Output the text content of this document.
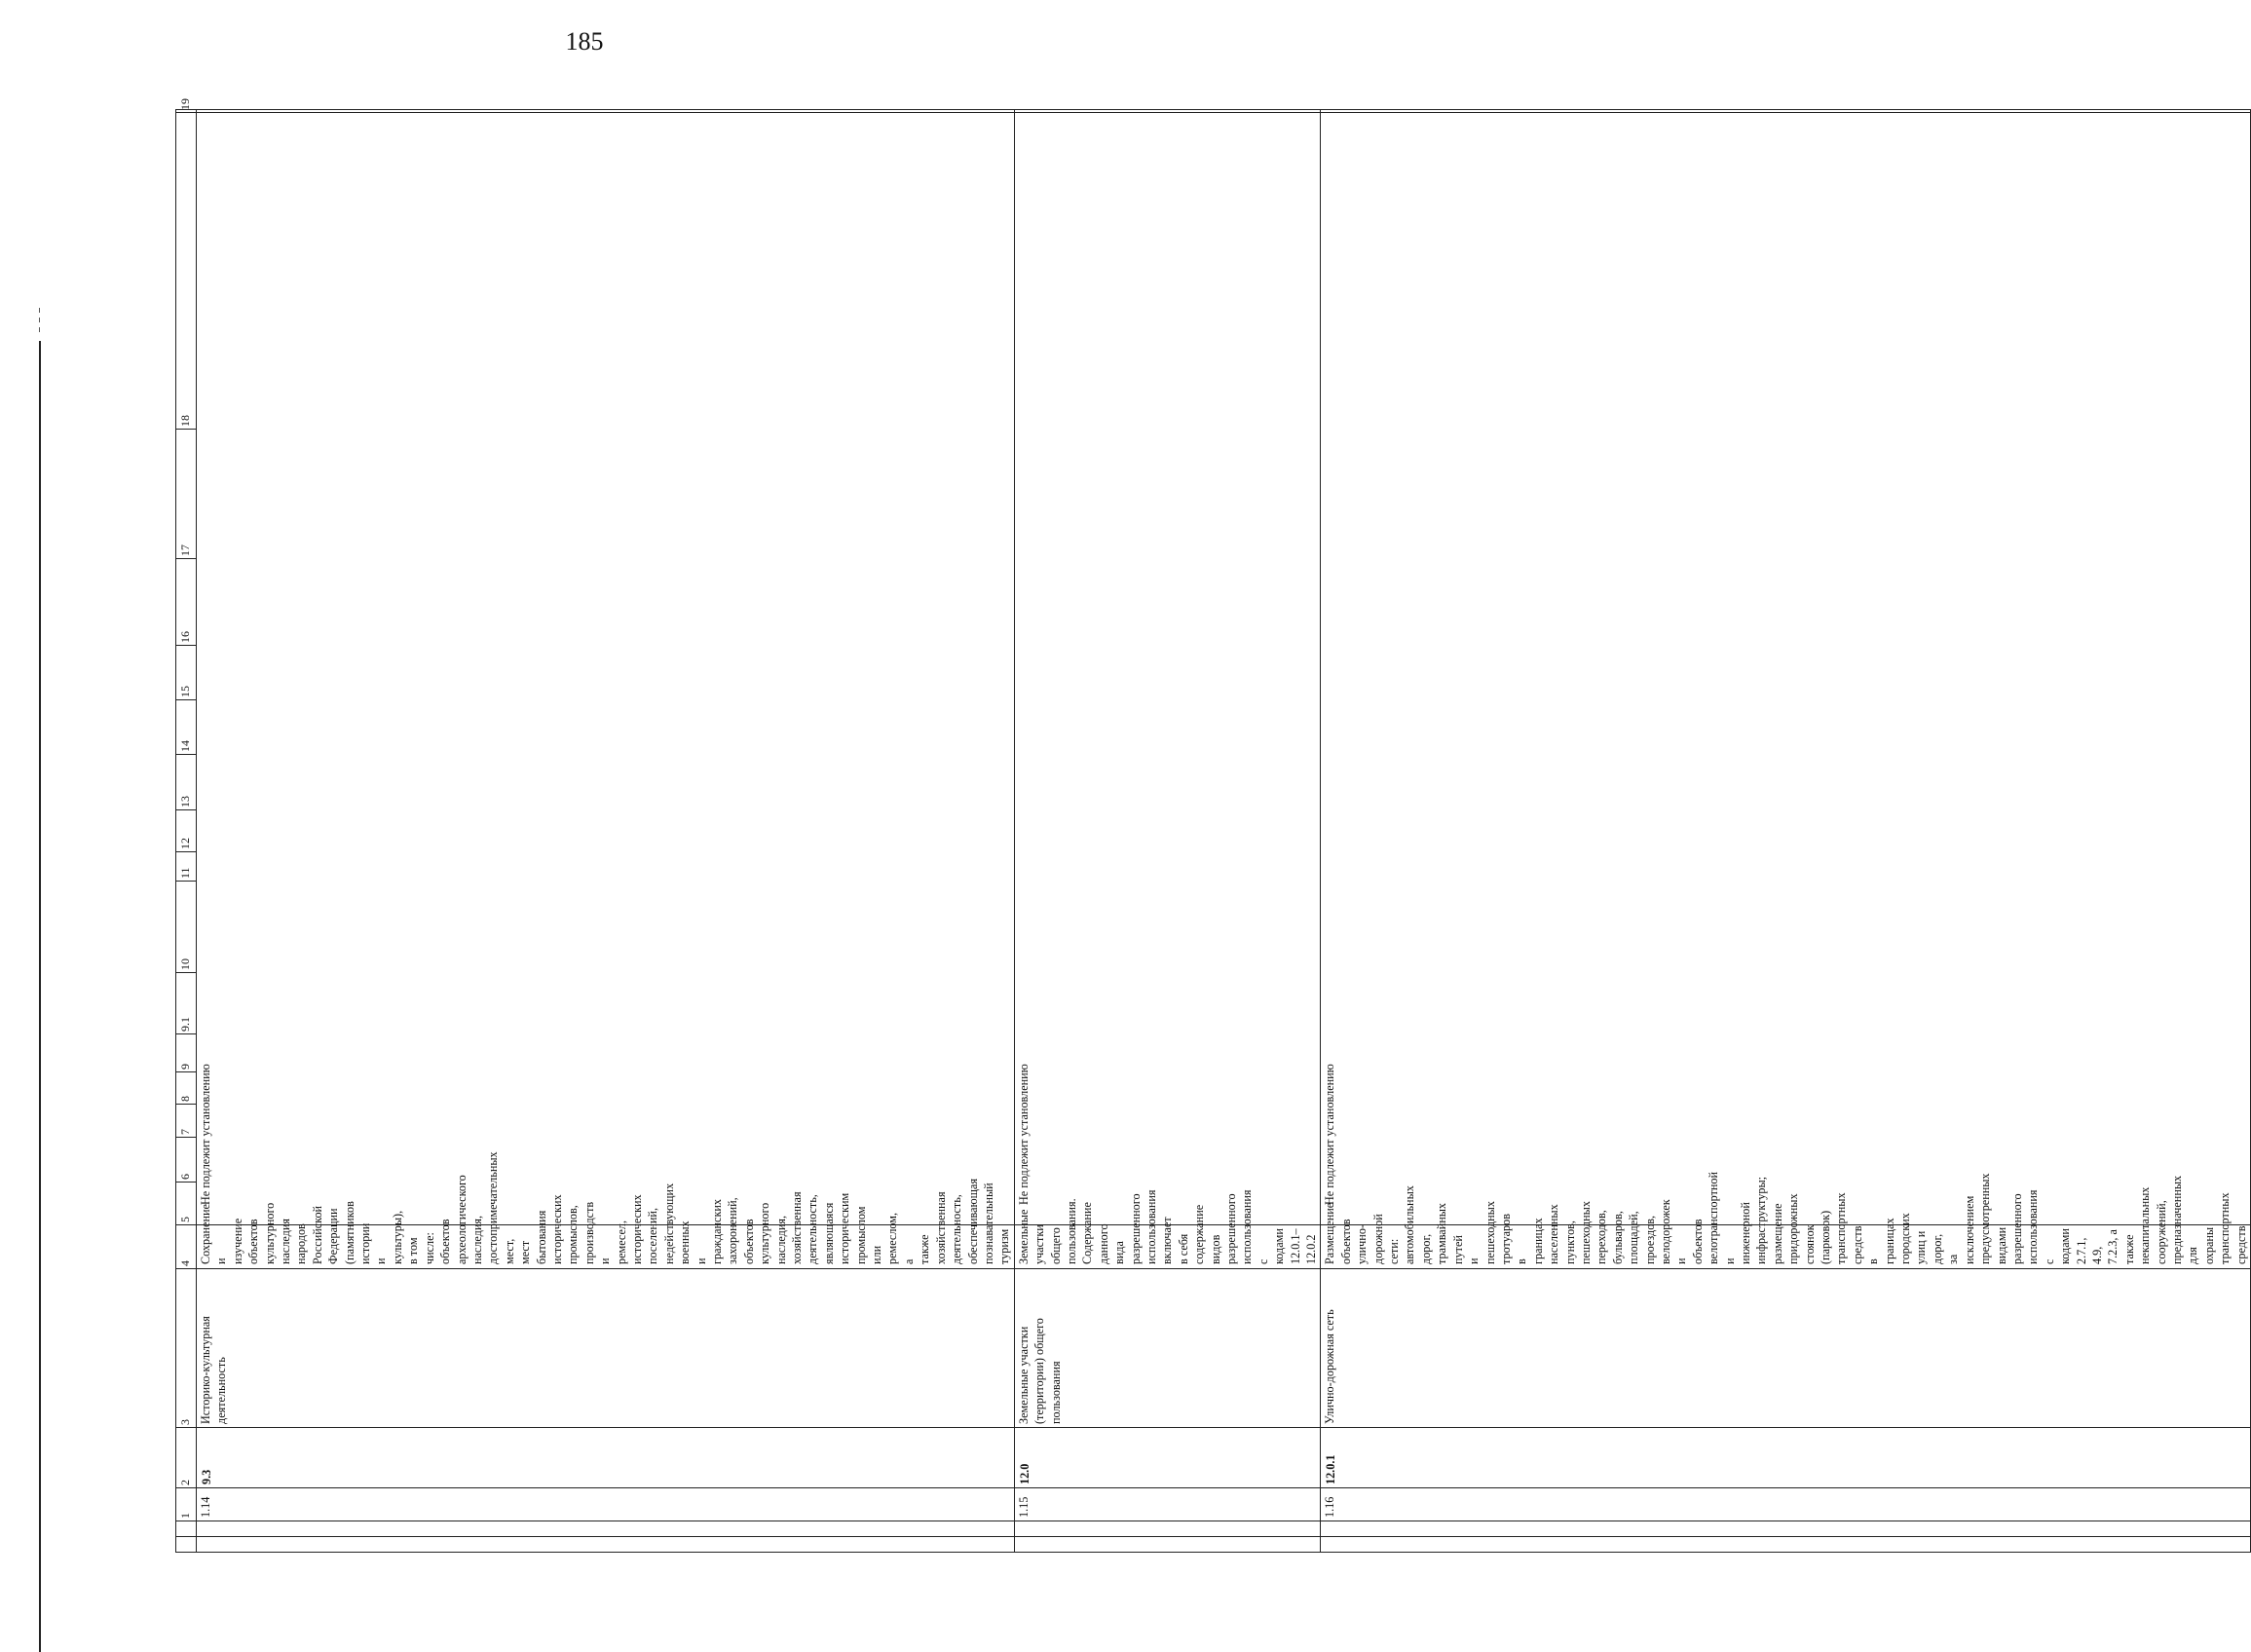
185
		1	2	3	4	5	6	7	8	9	9.1	10	11	12	13	14	15	16	17	18	19
		1.14	9.3	Историко-культурная деятельность	Сохранение и изучение объектов культурного наследия народов Российской Федерации (памятников истории и культуры), в том числе: объектов археологического наследия, достопримечательных мест, мест бытования исторических промыслов, производств и ремесел, исторических поселений, недействующих военных и гражданских захоронений, объектов культурного наследия, хозяйственная деятельность, являющаяся историческим промыслом или ремеслом, а также хозяйственная деятельность, обеспечивающая познавательный туризм	Не подлежит установлению															
		1.15	12.0	Земельные участки (территории) общего пользования	Земельные участки общего пользования. Содержание данного вида разрешенного использования включает в себя содержание видов разрешенного использования с кодами 12.0.1–12.0.2	Не подлежит установлению															
		1.16	12.0.1	Улично-дорожная сеть	Размещение объектов улично-дорожной сети: автомобильных дорог, трамвайных путей и пешеходных тротуаров в границах населенных пунктов, пешеходных переходов, бульваров, площадей, проездов, велодорожек и объектов велотранспортной и инженерной инфраструктуры; размещение придорожных стоянок (парковок) транспортных средств в границах городских улиц и дорог, за исключением предусмотренных видами разрешенного использования с кодами 2.7.1, 4.9, 7.2.3, а также некапитальных сооружений, предназначенных для охраны транспортных средств	Не подлежит установлению															
